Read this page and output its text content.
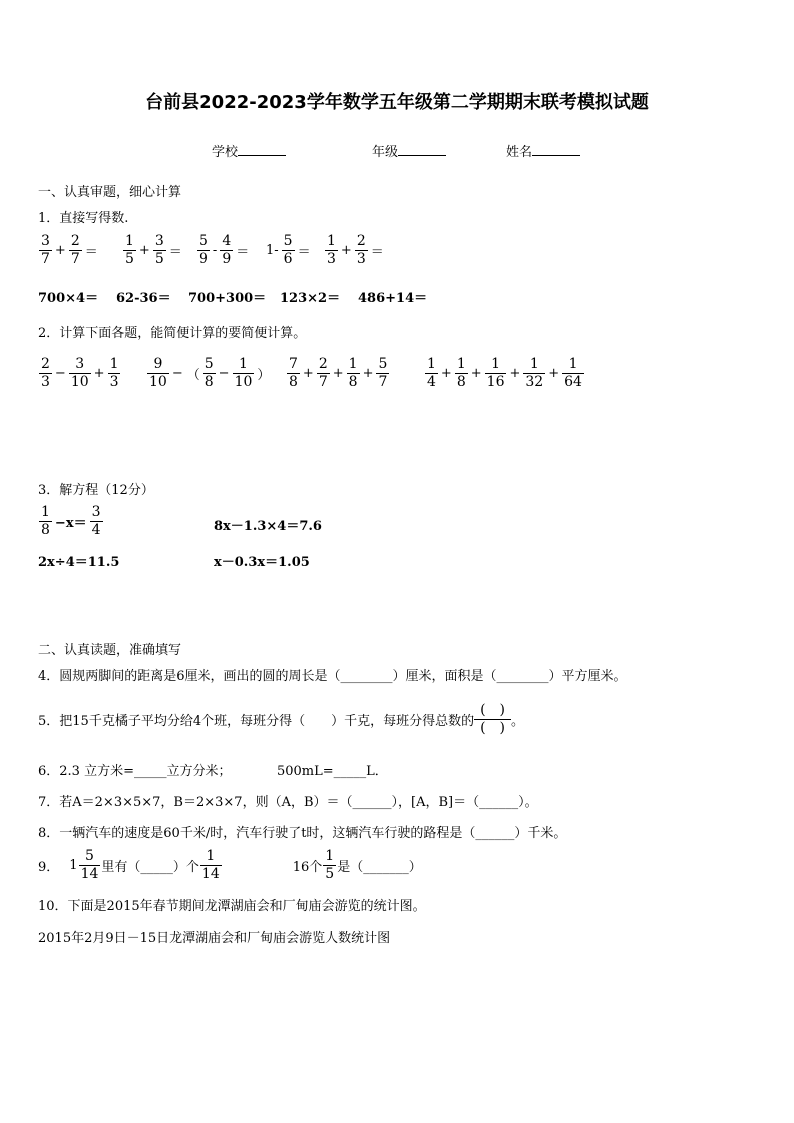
台前县2022-2023学年数学五年级第二学期期末联考模拟试题
学校	年级	姓名
一、认真审题，细心计算
1．直接写得数.
$\frac{3}{7} + \frac{2}{7} = \frac{1}{5} + \frac{3}{5} = \frac{5}{9} - \frac{4}{9} = 1- \frac{5}{6} = \frac{1}{3} + \frac{2}{3}$ ＝
700×4＝ 62-36＝ 700+300＝ 123×2＝ 486+14＝
2．计算下面各题，能简便计算的要简便计算。
$\frac{2}{3} - \frac{3}{10} + \frac{1}{3} \frac{9}{10}$ − （ $\frac{5}{8} - \frac{1}{10}$ ） $\frac{7}{8} + \frac{2}{7} + \frac{1}{8} + \frac{5}{7}$	$\frac{1}{4} + \frac{1}{8} + \frac{1}{16} + \frac{1}{32} + \frac{1}{64}$
3．解方程（12分）
$\frac{1}{8} -x= \frac{3}{4}$	8x－1.3×4＝7.6
2x÷4＝11.5	x－0.3x＝1.05
二、认真读题，准确填写
4．圆规两脚间的距离是6厘米，画出的圆的周长是（________）厘米，面积是（________）平方厘米。
5．把15千克橘子平均分给4个班，每班分得（　　）千克，每班分得总数的
(　)
(　) 。
6．2.3 立方米=_____立方分米；　　　　500mL=_____L．
7．若A＝2×3×5×7，B＝2×3×7，则（A，B）＝（______），[A，B]＝（______）。
8．一辆汽车的速度是60千米/时，汽车行驶了t时，这辆汽车行驶的路程是（______）千米。
9． $1 \frac{5}{14}$ 里有（_____）个 $\frac{1}{14}$	16个 $\frac{1}{5}$ 是（_______）
10．下面是2015年春节期间龙潭湖庙会和厂甸庙会游览的统计图。
2015年2月9日－15日龙潭湖庙会和厂甸庙会游览人数统计图
